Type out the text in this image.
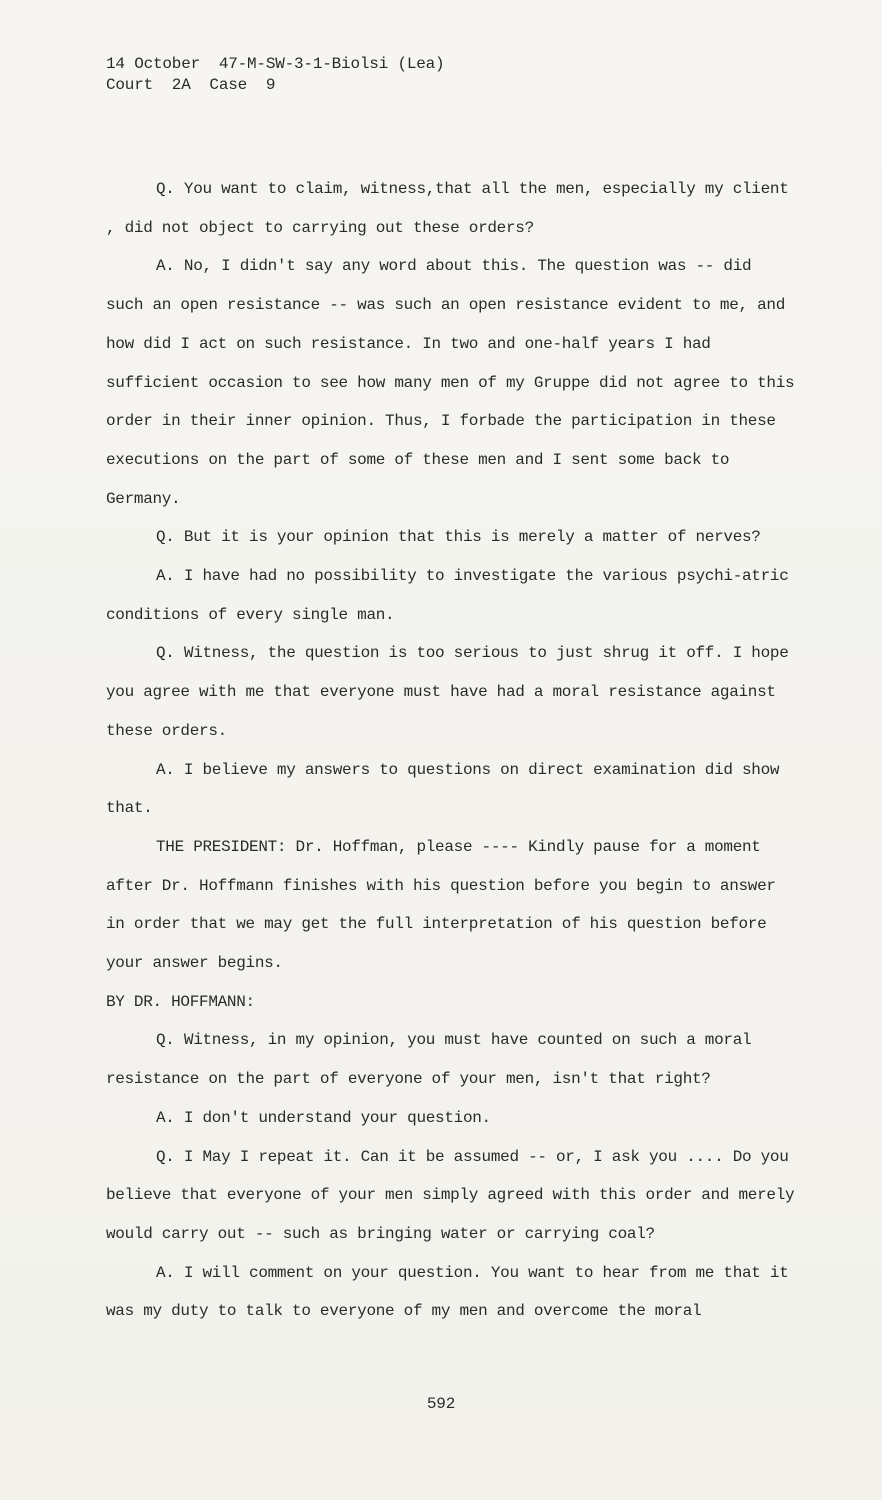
14 October  47-M-SW-3-1-Biolsi (Lea)
Court  2A  Case  9

Q. You want to claim, witness,that all the men, especially my client , did not object to carrying out these orders?

A. No, I didn't say any word about this. The question was -- did such an open resistance -- was such an open resistance evident to me, and how did I act on such resistance. In two and one-half years I had sufficient occasion to see how many men of my Gruppe did not agree to this order in their inner opinion. Thus, I forbade the participation in these executions on the part of some of these men and I sent some back to Germany.

Q. But it is your opinion that this is merely a matter of nerves?

A. I have had no possibility to investigate the various psychi-atric conditions of every single man.

Q. Witness, the question is too serious to just shrug it off. I hope you agree with me that everyone must have had a moral resistance against these orders.

A. I believe my answers to questions on direct examination did show that.

THE PRESIDENT: Dr. Hoffman, please ---- Kindly pause for a moment after Dr. Hoffmann finishes with his question before you begin to answer in order that we may get the full interpretation of his question before your answer begins.

BY DR. HOFFMANN:

Q. Witness, in my opinion, you must have counted on such a moral resistance on the part of everyone of your men, isn't that right?

A. I don't understand your question.

Q. I May I repeat it. Can it be assumed -- or, I ask you .... Do you believe that everyone of your men simply agreed with this order and merely would carry out -- such as bringing water or carrying coal?

A. I will comment on your question. You want to hear from me that it was my duty to talk to everyone of my men and overcome the moral

592
